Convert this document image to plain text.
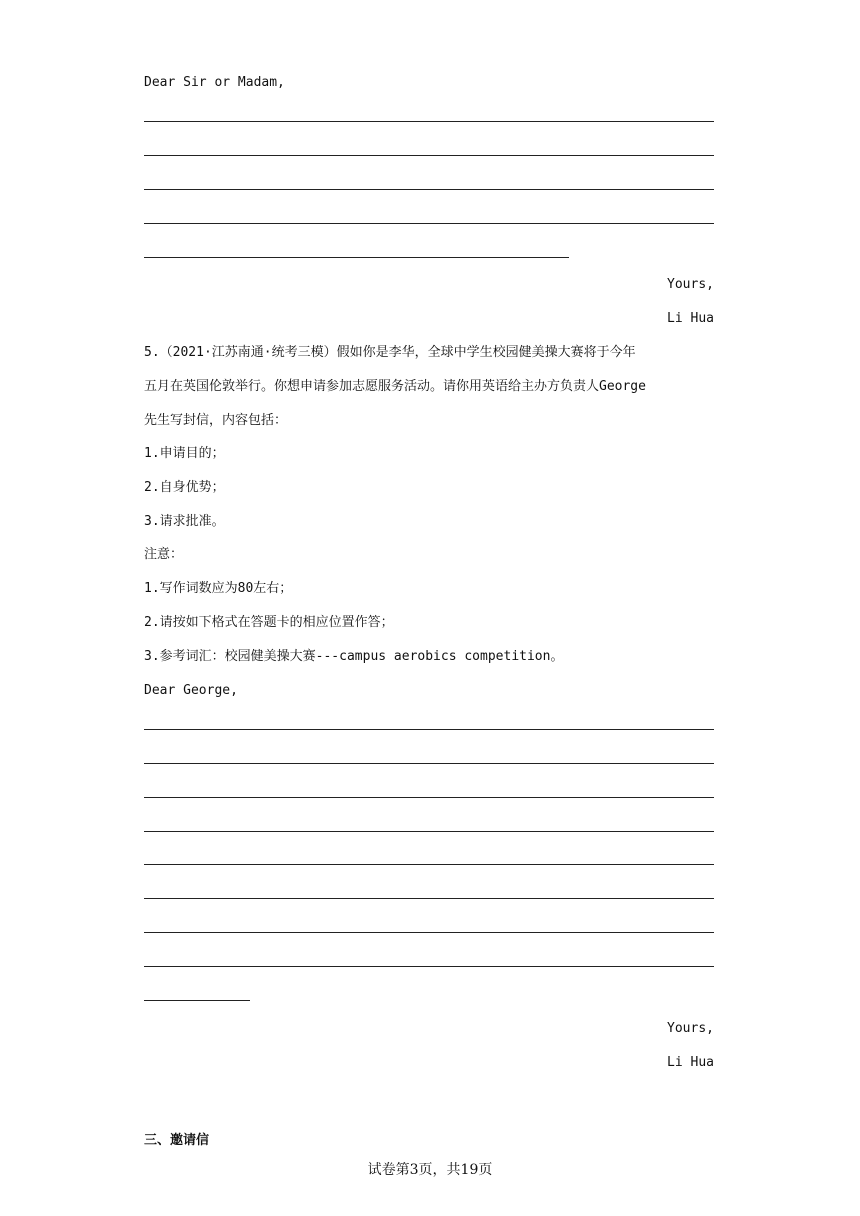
Dear Sir or Madam,
Yours,
Li Hua
5.（2021·江苏南通·统考三模）假如你是李华，全球中学生校园健美操大赛将于今年
五月在英国伦敦举行。你想申请参加志愿服务活动。请你用英语给主办方负责人George
先生写封信，内容包括：
1.申请目的；
2.自身优势；
3.请求批准。
注意：
1.写作词数应为80左右；
2.请按如下格式在答题卡的相应位置作答；
3.参考词汇：校园健美操大赛---campus aerobics competition。
Dear George,
Yours,
Li Hua
三、邀请信
试卷第3页，共19页
